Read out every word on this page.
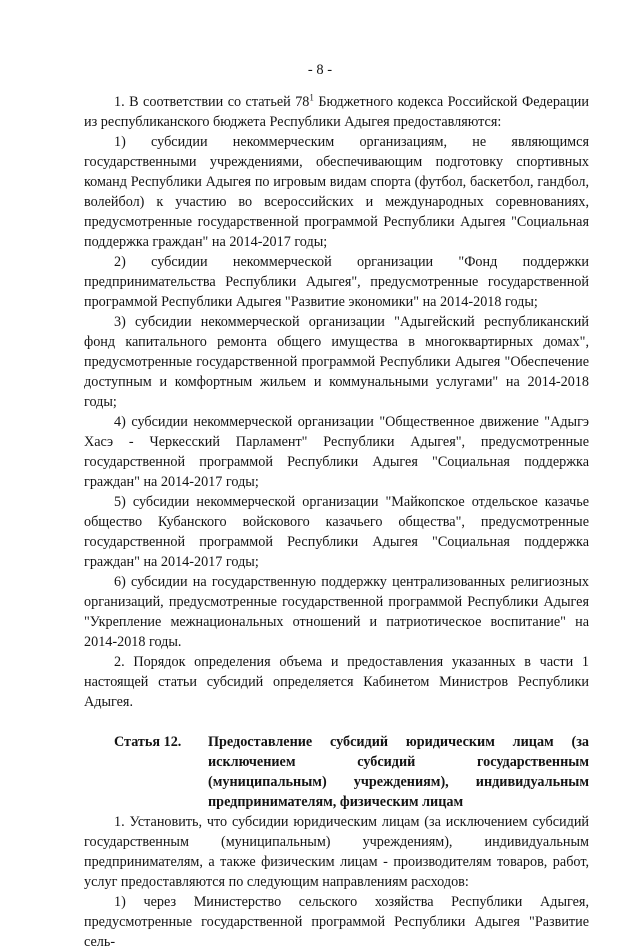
- 8 -

1. В соответствии со статьей $78^1$ Бюджетного кодекса Российской Федерации из республиканского бюджета Республики Адыгея предоставляются:

1) субсидии некоммерческим организациям, не являющимся государственными учреждениями, обеспечивающим подготовку спортивных команд Республики Адыгея по игровым видам спорта (футбол, баскетбол, гандбол, волейбол) к участию во всероссийских и международных соревнованиях, предусмотренные государственной программой Республики Адыгея "Социальная поддержка граждан" на 2014-2017 годы;

2) субсидии некоммерческой организации "Фонд поддержки предпринимательства Республики Адыгея", предусмотренные государственной программой Республики Адыгея "Развитие экономики" на 2014-2018 годы;

3) субсидии некоммерческой организации "Адыгейский республиканский фонд капитального ремонта общего имущества в многоквартирных домах", предусмотренные государственной программой Республики Адыгея "Обеспечение доступным и комфортным жильем и коммунальными услугами" на 2014-2018 годы;

4) субсидии некоммерческой организации "Общественное движение "Адыгэ Хасэ - Черкесский Парламент" Республики Адыгея", предусмотренные государственной программой Республики Адыгея "Социальная поддержка граждан" на 2014-2017 годы;

5) субсидии некоммерческой организации "Майкопское отдельское казачье общество Кубанского войскового казачьего общества", предусмотренные государственной программой Республики Адыгея "Социальная поддержка граждан" на 2014-2017 годы;

6) субсидии на государственную поддержку централизованных религиозных организаций, предусмотренные государственной программой Республики Адыгея "Укрепление межнациональных отношений и патриотическое воспитание" на 2014-2018 годы.

2. Порядок определения объема и предоставления указанных в части 1 настоящей статьи субсидий определяется Кабинетом Министров Республики Адыгея.

Статья 12.	Предоставление субсидий юридическим лицам (за исключением субсидий государственным (муниципальным) учреждениям), индивидуальным предпринимателям, физическим лицам

1. Установить, что субсидии юридическим лицам (за исключением субсидий государственным (муниципальным) учреждениям), индивидуальным предпринимателям, а также физическим лицам - производителям товаров, работ, услуг предоставляются по следующим направлениям расходов:

1) через Министерство сельского хозяйства Республики Адыгея, предусмотренные государственной программой Республики Адыгея "Развитие сель-
